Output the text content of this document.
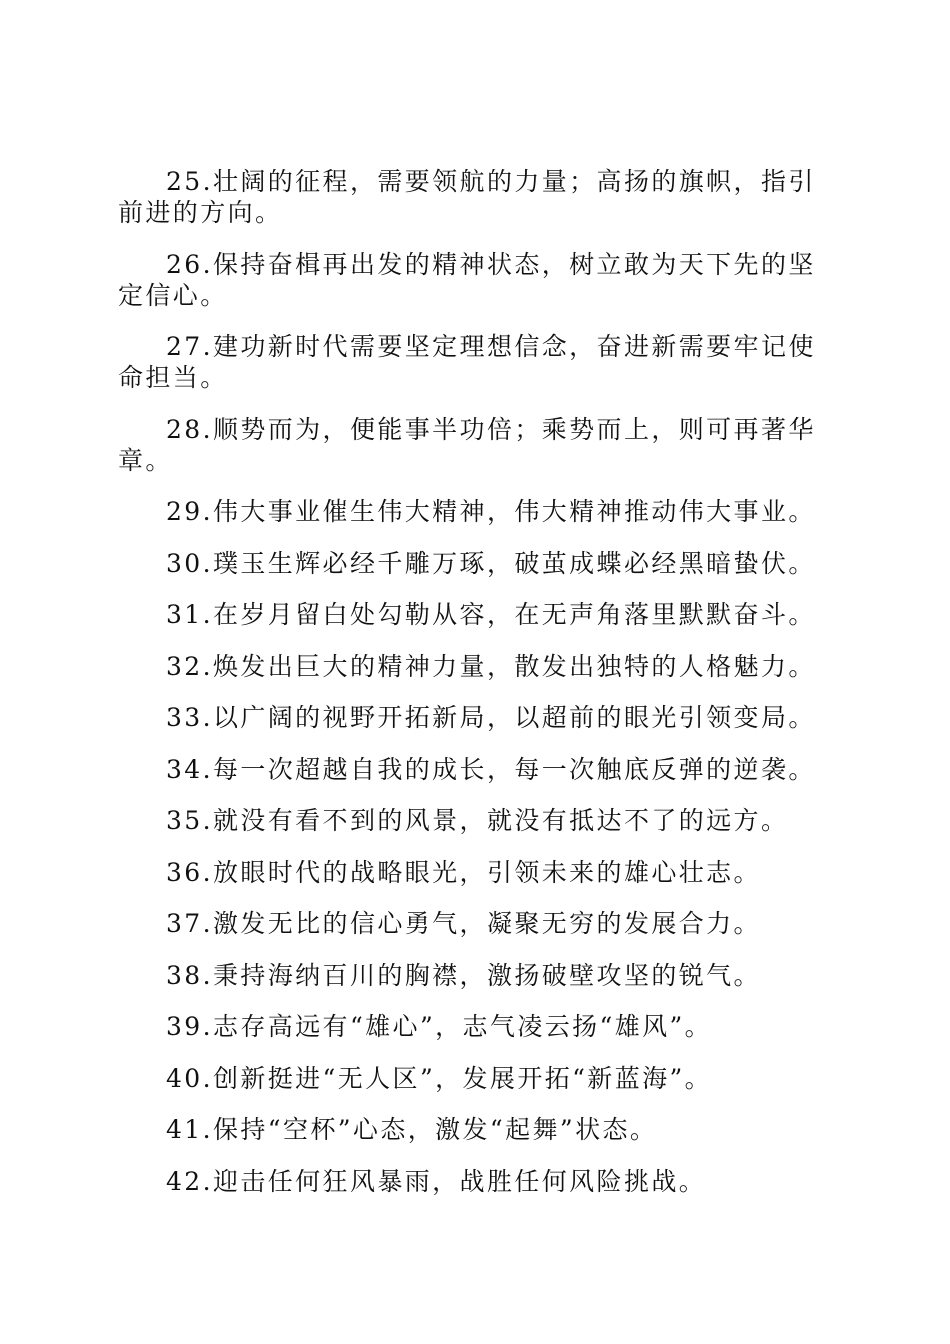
25.壮阔的征程，需要领航的力量；高扬的旗帜，指引前进的方向。

26.保持奋楫再出发的精神状态，树立敢为天下先的坚定信心。

27.建功新时代需要坚定理想信念，奋进新需要牢记使命担当。

28.顺势而为，便能事半功倍；乘势而上，则可再著华章。

29.伟大事业催生伟大精神，伟大精神推动伟大事业。

30.璞玉生辉必经千雕万琢，破茧成蝶必经黑暗蛰伏。

31.在岁月留白处勾勒从容，在无声角落里默默奋斗。

32.焕发出巨大的精神力量，散发出独特的人格魅力。

33.以广阔的视野开拓新局，以超前的眼光引领变局。

34.每一次超越自我的成长，每一次触底反弹的逆袭。

35.就没有看不到的风景，就没有抵达不了的远方。

36.放眼时代的战略眼光，引领未来的雄心壮志。

37.激发无比的信心勇气，凝聚无穷的发展合力。

38.秉持海纳百川的胸襟，激扬破壁攻坚的锐气。

39.志存高远有“雄心”，志气凌云扬“雄风”。

40.创新挺进“无人区”，发展开拓“新蓝海”。

41.保持“空杯”心态，激发“起舞”状态。

42.迎击任何狂风暴雨，战胜任何风险挑战。
